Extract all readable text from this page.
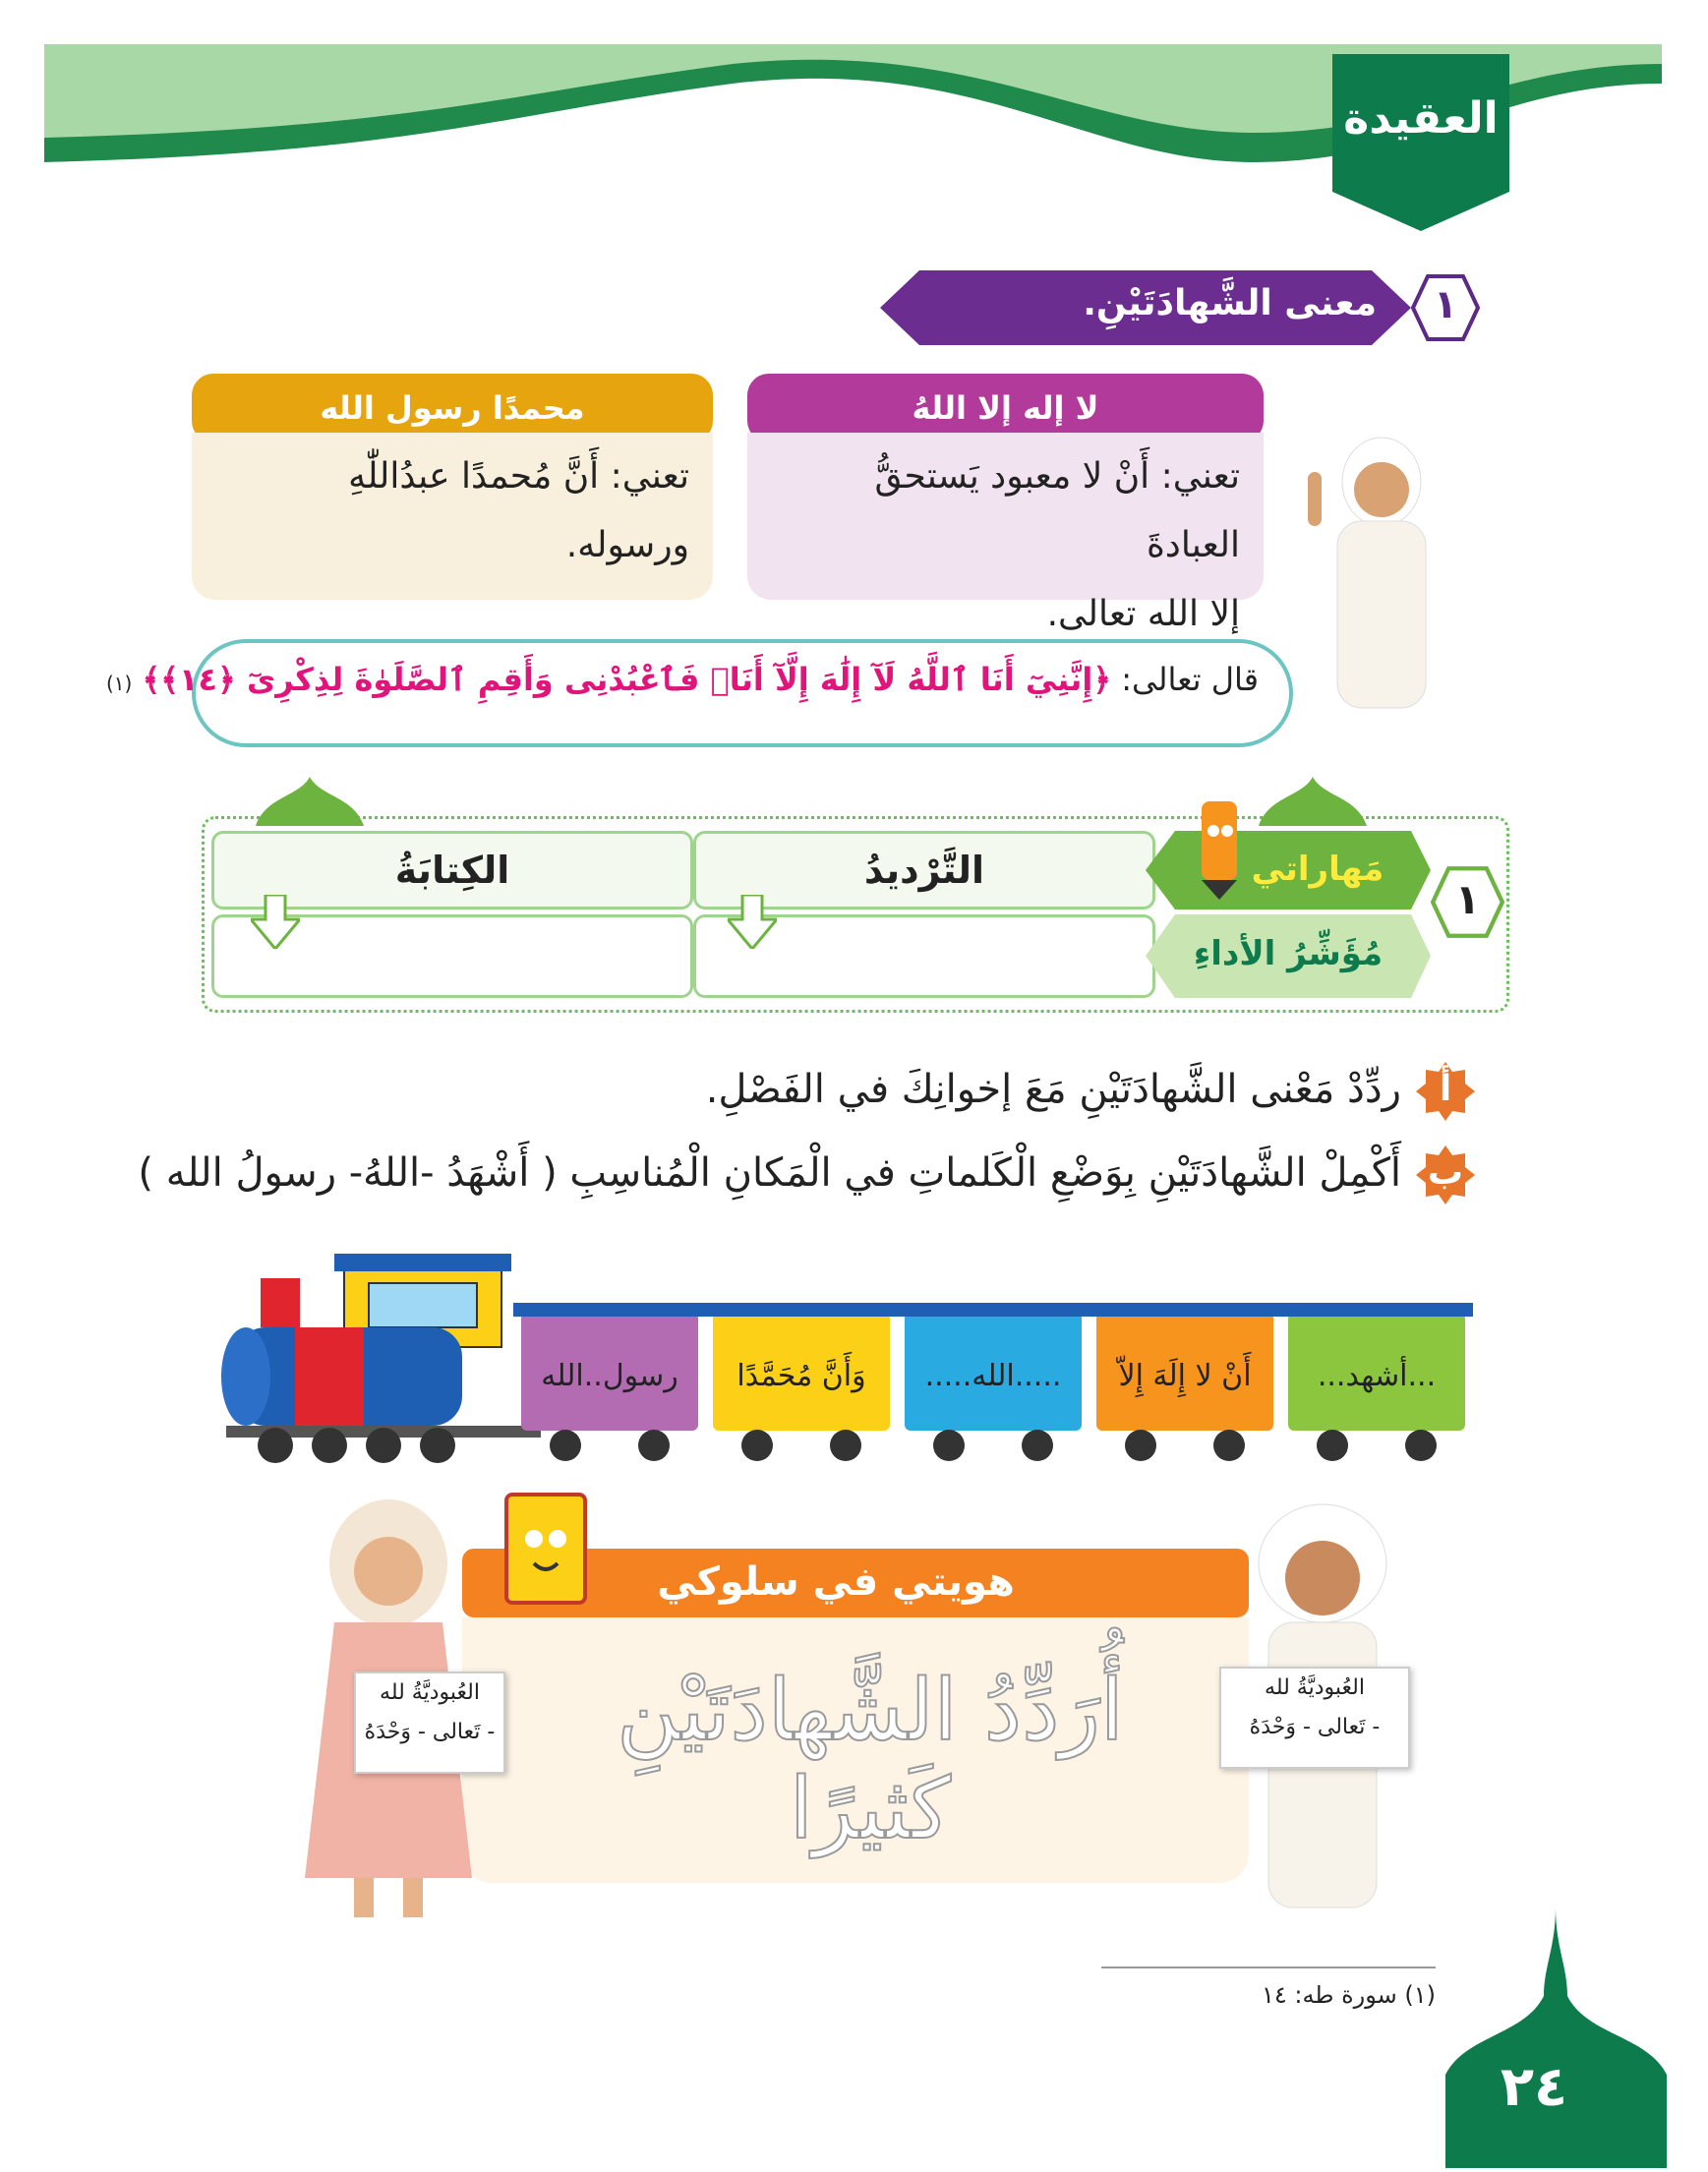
العقيدة
١
معنى الشَّهادَتَيْنِ.
لا إله إلا اللهُ
تعني: أَنْ لا معبود يَستحقُّ العبادةَ
إلا الله تعالى.
محمدًا رسول الله
تعني: أَنَّ مُحمدًا عبدُاللّٰهِ
ورسوله.
قال تعالى: ﴿إِنَّنِيٓ أَنَا ٱللَّهُ لَآ إِلَٰهَ إِلَّآ أَنَا۠ فَٱعْبُدْنِى وَأَقِمِ ٱلصَّلَوٰةَ لِذِكْرِىٓ ﴿١٤﴾﴾ (١)
الكِتابَةُ	التَّرْديدُ	مَهاراتي
مُؤَشِّرُ الأداءِ
١
أ
ردِّدْ مَعْنى الشَّهادَتَيْنِ مَعَ إخوانِكَ في الفَصْلِ.
ب
أَكْمِلْ الشَّهادَتَيْنِ بِوَضْعِ الْكَلماتِ في الْمَكانِ الْمُناسِبِ ( أَشْهَدُ -اللهُ- رسولُ الله )
...أشهد...
أَنْ لا إِلَهَ إِلاّ
.....الله.....
وَأَنَّ مُحَمَّدًا
رسول..الله
هويتي في سلوكي
أُرَدِّدُ الشَّهادَتَيْنِ كَثيرًا
العُبوديَّةُ لله
- تَعالى - وَحْدَهُ
العُبوديَّةُ لله
- تَعالى - وَحْدَهُ
(١) سورة طه: ١٤
٢٤
